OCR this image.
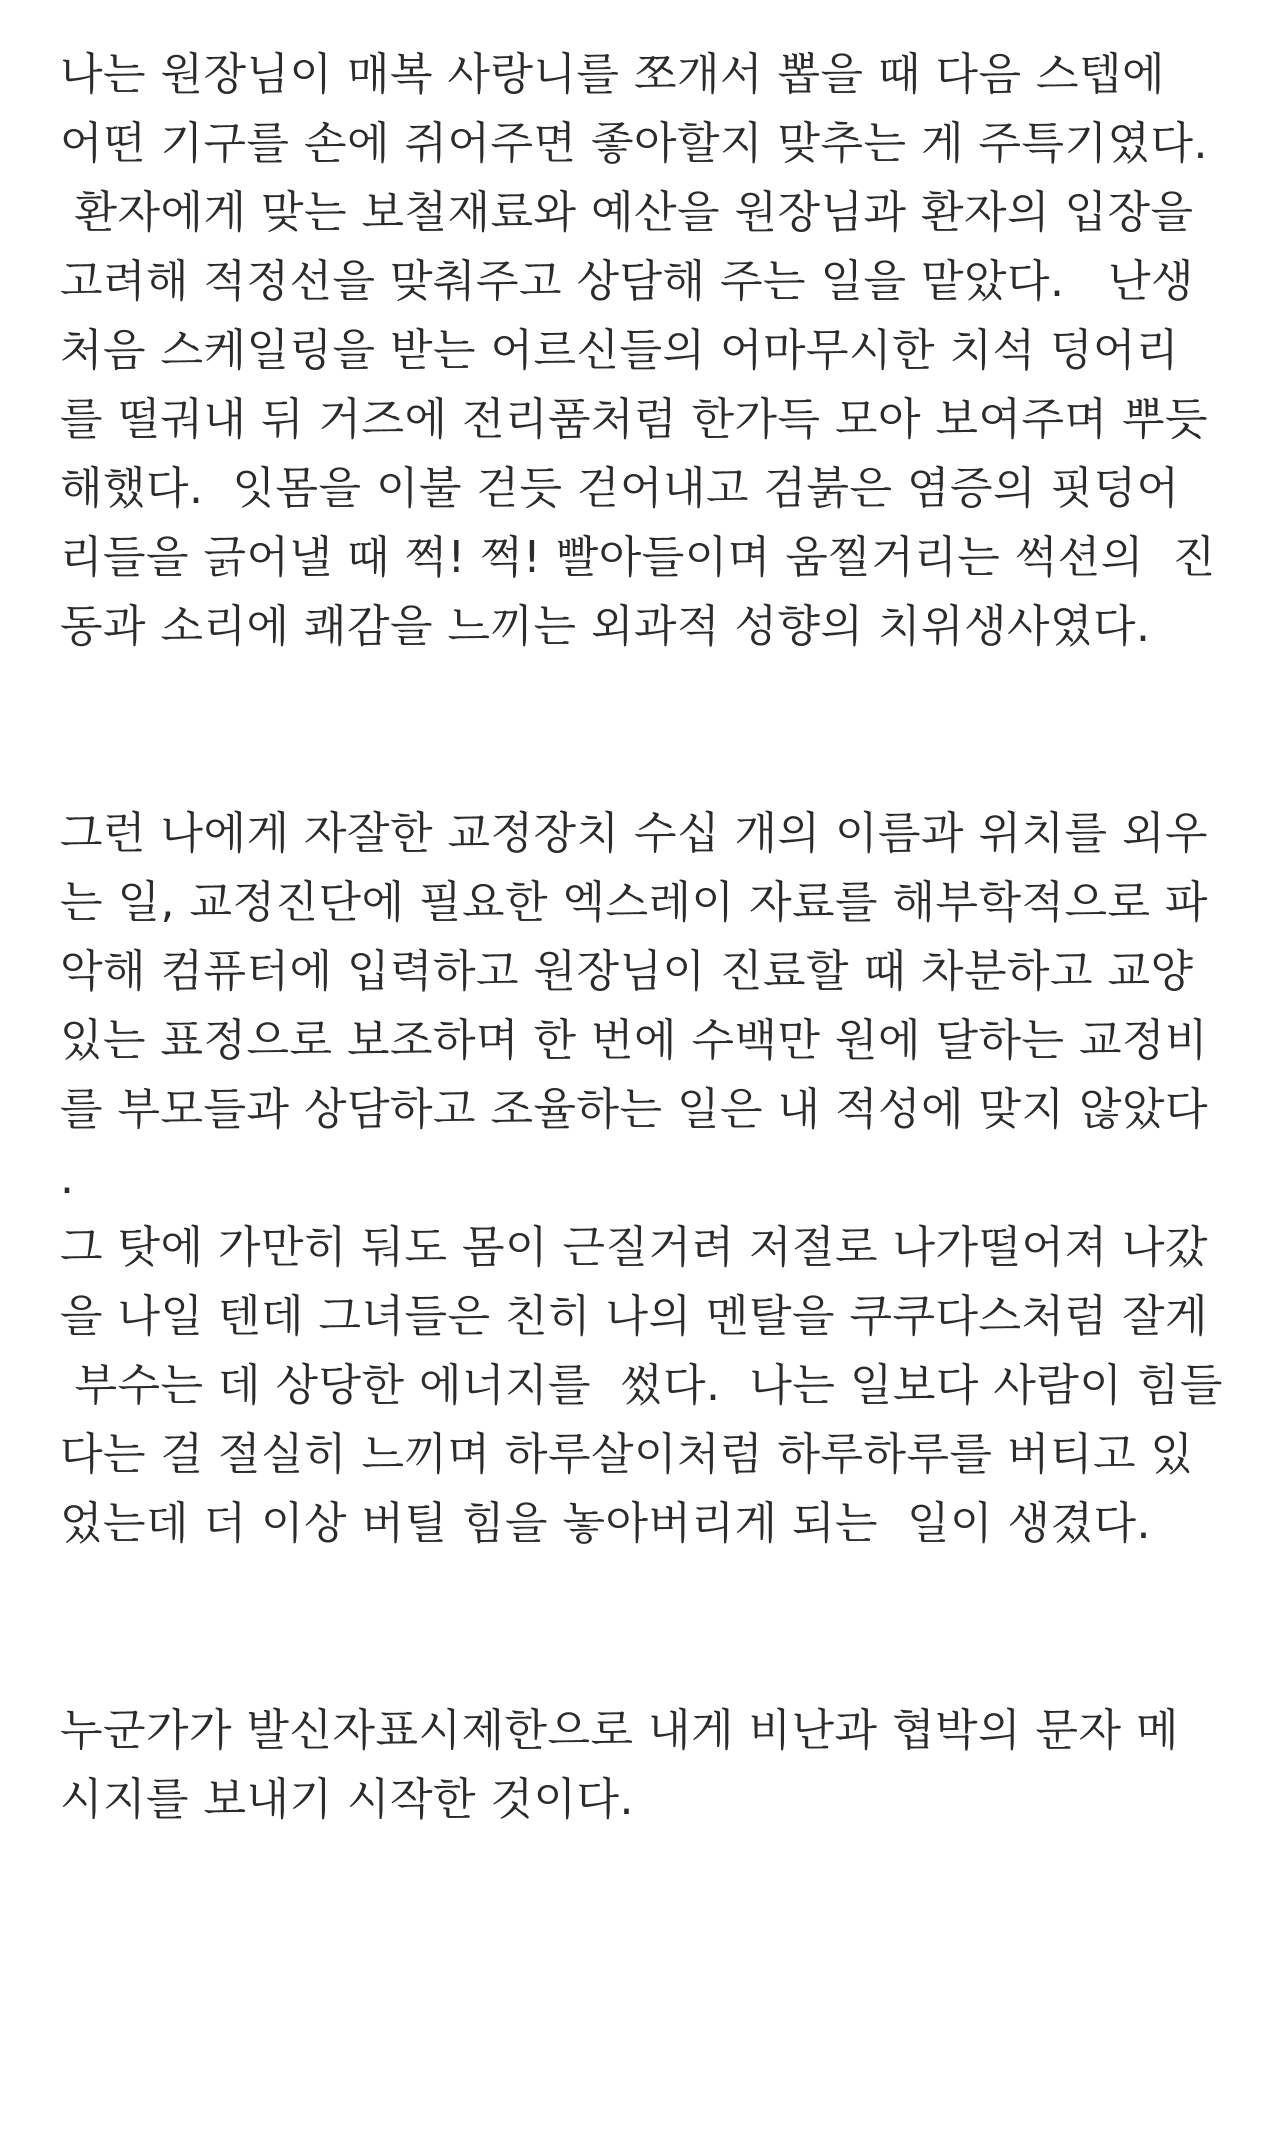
나는 원장님이 매복 사랑니를 쪼개서 뽑을 때 다음 스텝에
어떤 기구를 손에 쥐어주면 좋아할지 맞추는 게 주특기였다.
환자에게 맞는 보철재료와 예산을 원장님과 환자의 입장을
고려해 적정선을 맞춰주고 상담해 주는 일을 맡았다.   난생
처음 스케일링을 받는 어르신들의 어마무시한 치석 덩어리
를 떨궈내 뒤 거즈에 전리품처럼 한가득 모아 보여주며 뿌듯
해했다.  잇몸을 이불 걷듯 걷어내고 검붉은 염증의 핏덩어
리들을 긁어낼 때 쩍! 쩍! 빨아들이며 움찔거리는 썩션의  진
동과 소리에 쾌감을 느끼는 외과적 성향의 치위생사였다.
그런 나에게 자잘한 교정장치 수십 개의 이름과 위치를 외우
는 일, 교정진단에 필요한 엑스레이 자료를 해부학적으로 파
악해 컴퓨터에 입력하고 원장님이 진료할 때 차분하고 교양
있는 표정으로 보조하며 한 번에 수백만 원에 달하는 교정비
를 부모들과 상담하고 조율하는 일은 내 적성에 맞지 않았다
.
그 탓에 가만히 둬도 몸이 근질거려 저절로 나가떨어져 나갔
을 나일 텐데 그녀들은 친히 나의 멘탈을 쿠쿠다스처럼 잘게
부수는 데 상당한 에너지를  썼다.  나는 일보다 사람이 힘들
다는 걸 절실히 느끼며 하루살이처럼 하루하루를 버티고 있
었는데 더 이상 버틸 힘을 놓아버리게 되는  일이 생겼다.
누군가가 발신자표시제한으로 내게 비난과 협박의 문자 메
시지를 보내기 시작한 것이다.
